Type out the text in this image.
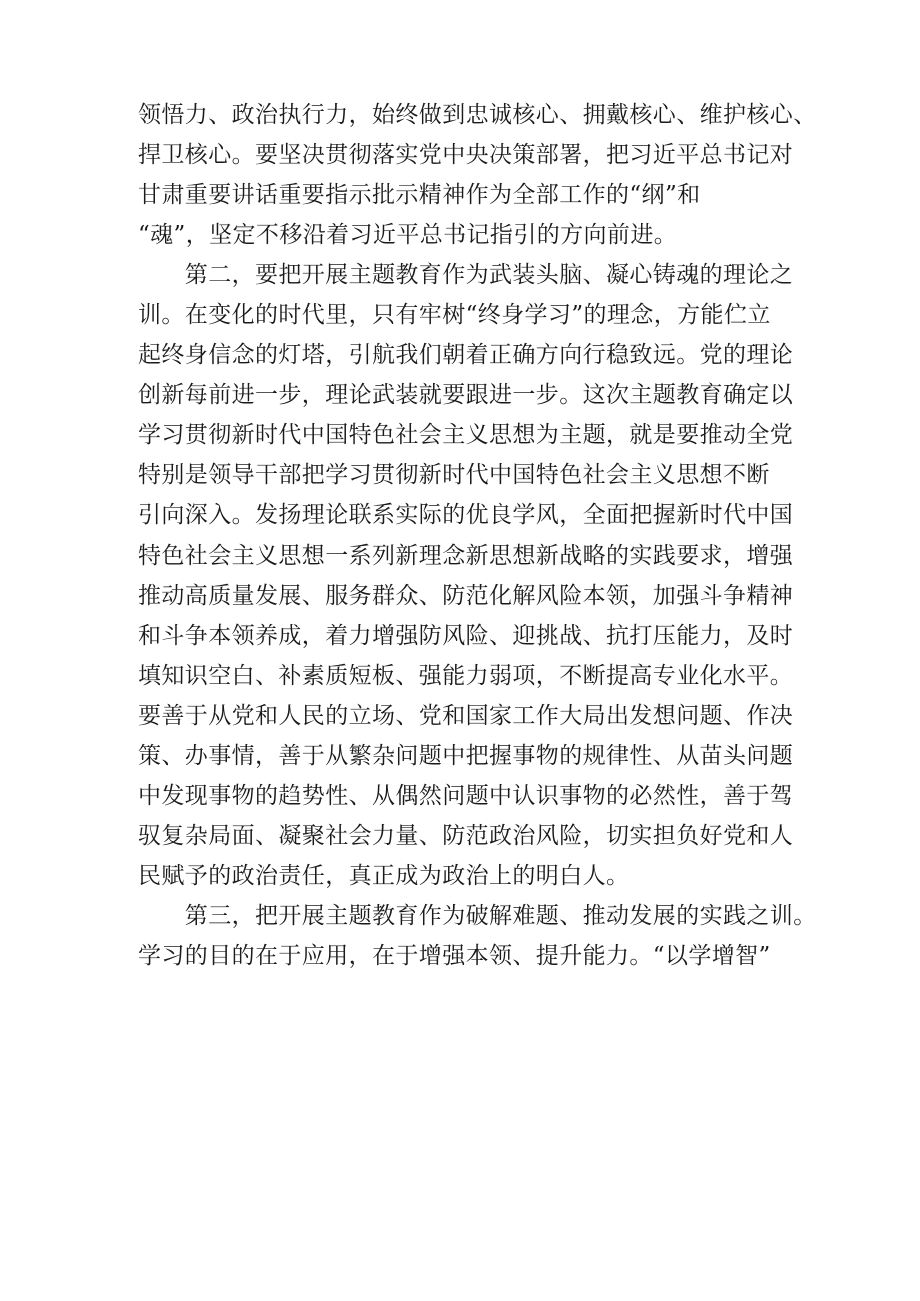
领悟力、政治执行力，始终做到忠诚核心、拥戴核心、维护核心、
捍卫核心。要坚决贯彻落实党中央决策部署，把习近平总书记对
甘肃重要讲话重要指示批示精神作为全部工作的“纲”和
“魂”，坚定不移沿着习近平总书记指引的方向前进。
　　第二，要把开展主题教育作为武装头脑、凝心铸魂的理论之
训。在变化的时代里，只有牢树“终身学习”的理念，方能伫立
起终身信念的灯塔，引航我们朝着正确方向行稳致远。党的理论
创新每前进一步，理论武装就要跟进一步。这次主题教育确定以
学习贯彻新时代中国特色社会主义思想为主题，就是要推动全党
特别是领导干部把学习贯彻新时代中国特色社会主义思想不断
引向深入。发扬理论联系实际的优良学风，全面把握新时代中国
特色社会主义思想一系列新理念新思想新战略的实践要求，增强
推动高质量发展、服务群众、防范化解风险本领，加强斗争精神
和斗争本领养成，着力增强防风险、迎挑战、抗打压能力，及时
填知识空白、补素质短板、强能力弱项，不断提高专业化水平。
要善于从党和人民的立场、党和国家工作大局出发想问题、作决
策、办事情，善于从繁杂问题中把握事物的规律性、从苗头问题
中发现事物的趋势性、从偶然问题中认识事物的必然性，善于驾
驭复杂局面、凝聚社会力量、防范政治风险，切实担负好党和人
民赋予的政治责任，真正成为政治上的明白人。
　　第三，把开展主题教育作为破解难题、推动发展的实践之训。
学习的目的在于应用，在于增强本领、提升能力。“以学增智”
